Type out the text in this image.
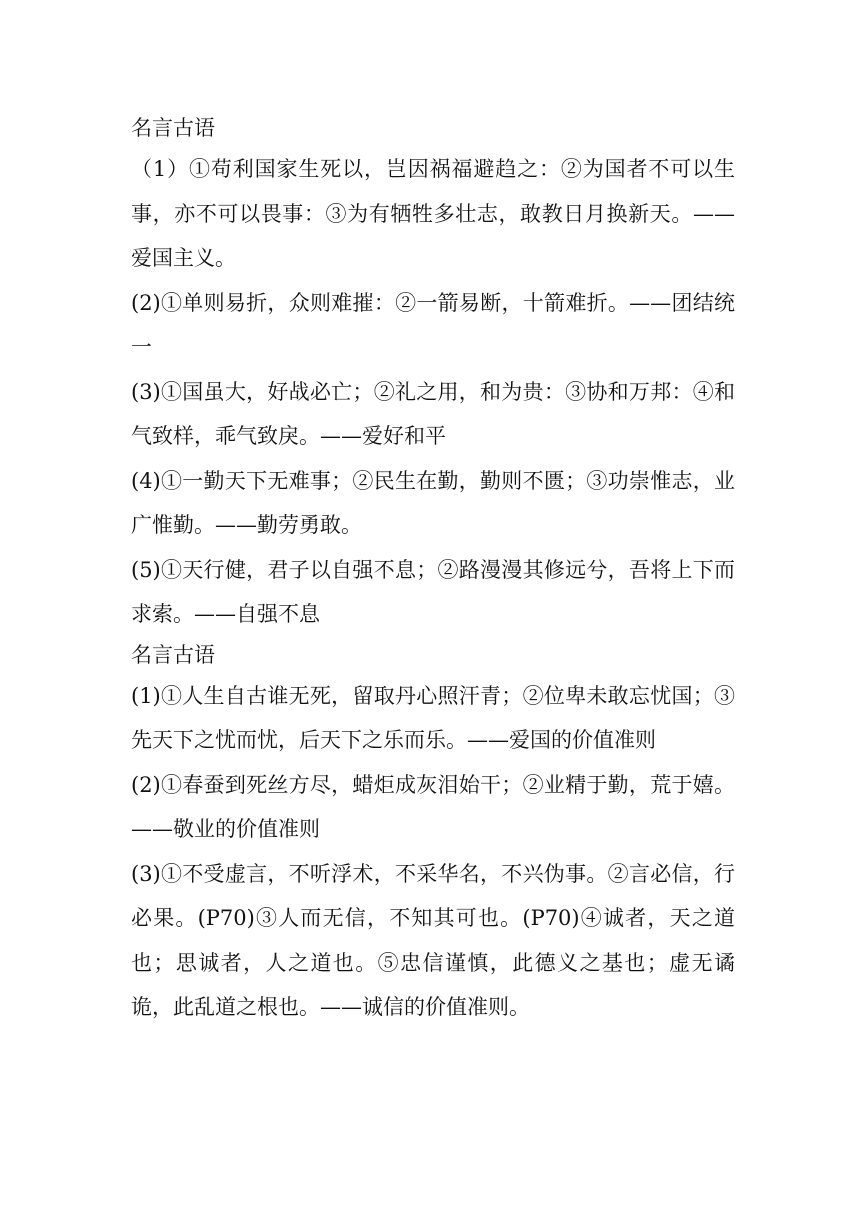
名言古语

（1）①苟利国家生死以，岂因祸福避趋之：②为国者不可以生事，亦不可以畏事：③为有牺牲多壮志，敢教日月换新天。——爱国主义。

(2)①单则易折，众则难摧：②一箭易断，十箭难折。——团结统一

(3)①国虽大，好战必亡；②礼之用，和为贵：③协和万邦：④和气致样，乖气致戾。——爱好和平

(4)①一勤天下无难事；②民生在勤，勤则不匮；③功崇惟志，业广惟勤。——勤劳勇敢。

(5)①天行健，君子以自强不息；②路漫漫其修远兮，吾将上下而求索。——自强不息

名言古语

(1)①人生自古谁无死，留取丹心照汗青；②位卑未敢忘忧国；③先天下之忧而忧，后天下之乐而乐。——爱国的价值准则

(2)①春蚕到死丝方尽，蜡炬成灰泪始干；②业精于勤，荒于嬉。——敬业的价值准则

(3)①不受虚言，不听浮术，不采华名，不兴伪事。②言必信，行必果。(P70)③人而无信，不知其可也。(P70)④诚者，天之道也；思诚者，人之道也。⑤忠信谨慎，此德义之基也；虚无谲诡，此乱道之根也。——诚信的价值准则。
